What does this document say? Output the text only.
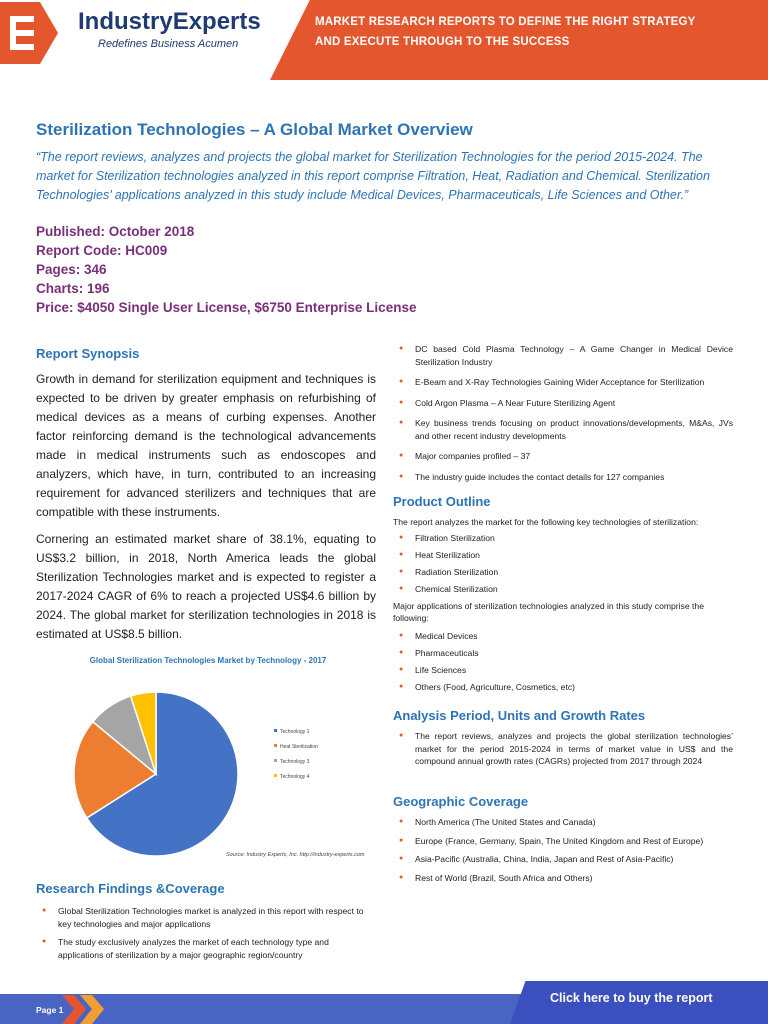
IndustryExperts
Redefines Business Acumen
MARKET RESEARCH REPORTS TO DEFINE THE RIGHT STRATEGY
AND EXECUTE THROUGH TO THE SUCCESS
Sterilization Technologies – A Global Market Overview
“The report reviews, analyzes and projects the global market for Sterilization Technologies for the period 2015-2024. The market for Sterilization technologies analyzed in this report comprise Filtration, Heat, Radiation and Chemical. Sterilization Technologies’ applications analyzed in this study include Medical Devices, Pharmaceuticals, Life Sciences and Other.”
Published: October 2018
Report Code: HC009
Pages: 346
Charts: 196
Price: $4050 Single User License, $6750 Enterprise License
Report Synopsis
Growth in demand for sterilization equipment and techniques is expected to be driven by greater emphasis on refurbishing of medical devices as a means of curbing expenses. Another factor reinforcing demand is the technological advancements made in medical instruments such as endoscopes and analyzers, which have, in turn, contributed to an increasing requirement for advanced sterilizers and techniques that are compatible with these instruments.
Cornering an estimated market share of 38.1%, equating to US$3.2 billion, in 2018, North America leads the global Sterilization Technologies market and is expected to register a 2017-2024 CAGR of 6% to reach a projected US$4.6 billion by 2024. The global market for sterilization technologies in 2018 is estimated at US$8.5 billion.
Global Sterilization Technologies Market by Technology - 2017
Technology 1
Heat Sterilization
Technology 3
Technology 4
Source: Industry Experts, Inc. http://industry-experts.com
Research Findings &Coverage
● Global Sterilization Technologies market is analyzed in this report with respect to key technologies and major applications
● The study exclusively analyzes the market of each technology type and applications of sterilization by a major geographic region/country
● DC based Cold Plasma Technology – A Game Changer in Medical Device Sterilization Industry
● E-Beam and X-Ray Technologies Gaining Wider Acceptance for Sterilization
● Cold Argon Plasma – A Near Future Sterilizing Agent
● Key business trends focusing on product innovations/developments, M&As, JVs and other recent industry developments
● Major companies profiled – 37
● The industry guide includes the contact details for 127 companies
Product Outline
The report analyzes the market for the following key technologies of sterilization:
● Filtration Sterilization
● Heat Sterilization
● Radiation Sterilization
● Chemical Sterilization
Major applications of sterilization technologies analyzed in this study comprise the following:
● Medical Devices
● Pharmaceuticals
● Life Sciences
● Others (Food, Agriculture, Cosmetics, etc)
Analysis Period, Units and Growth Rates
● The report reviews, analyzes and projects the global sterilization technologies’ market for the period 2015-2024 in terms of market value in US$ and the compound annual growth rates (CAGRs) projected from 2017 through 2024
Geographic Coverage
● North America (The United States and Canada)
● Europe (France, Germany, Spain, The United Kingdom and Rest of Europe)
● Asia-Pacific (Australia, China, India, Japan and Rest of Asia-Pacific)
● Rest of World (Brazil, South Africa and Others)
Page 1
Click here to buy the report
